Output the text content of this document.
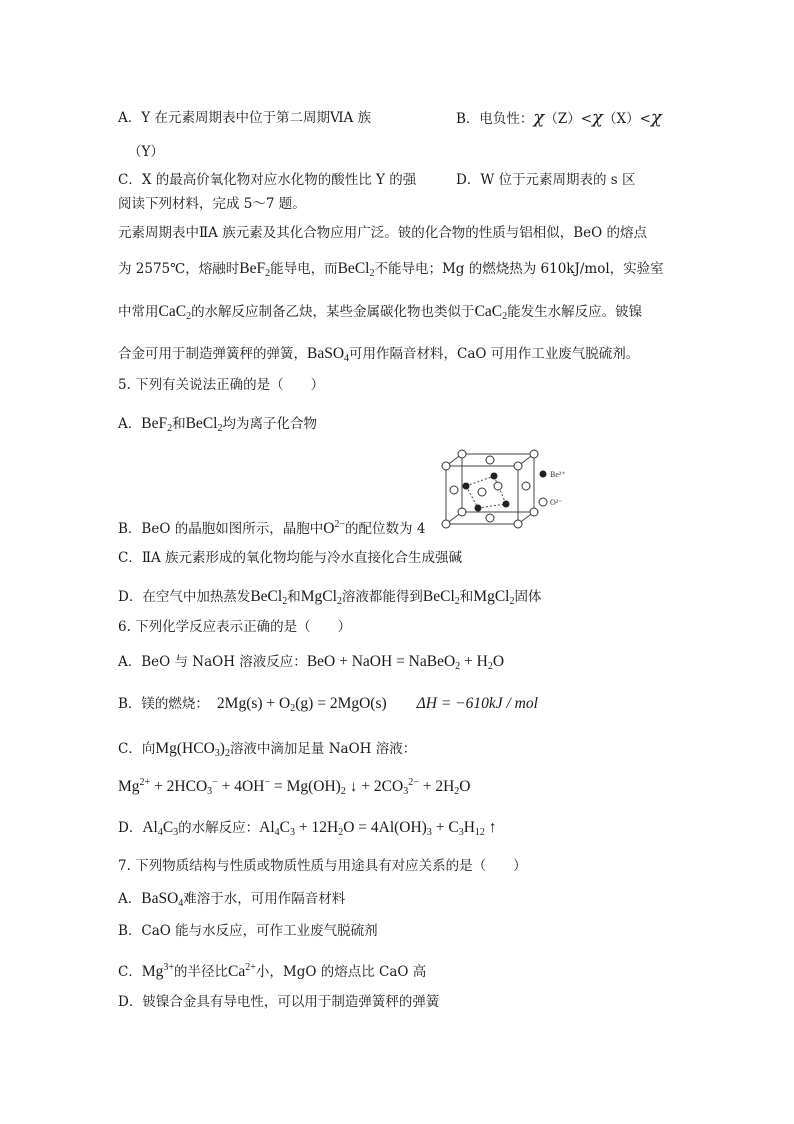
A．Y 在元素周期表中位于第二周期ⅥA 族	B．电负性：χ（Z）<χ（X）<χ
（Y）
C．X 的最高价氧化物对应水化物的酸性比 Y 的强	D．W 位于元素周期表的 s 区
阅读下列材料，完成 5～7 题。
元素周期表中ⅡA 族元素及其化合物应用广泛。铍的化合物的性质与铝相似，BeO 的熔点
为 2575℃，熔融时BeF$_2$能导电，而BeCl$_2$不能导电；Mg 的燃烧热为 610kJ/mol，实验室
中常用CaC$_2$的水解反应制备乙炔，某些金属碳化物也类似于CaC$_2$能发生水解反应。铍镍
合金可用于制造弹簧秤的弹簧，BaSO$_4$可用作隔音材料，CaO 可用作工业废气脱硫剂。
5. 下列有关说法正确的是（　　）
A．BeF$_2$和BeCl$_2$均为离子化合物
Be²⁺
O²⁻
B．BeO 的晶胞如图所示，晶胞中$O^{2-}$的配位数为 4
C．ⅡA 族元素形成的氧化物均能与冷水直接化合生成强碱
D．在空气中加热蒸发BeCl$_2$和MgCl$_2$溶液都能得到BeCl$_2$和MgCl$_2$固体
6. 下列化学反应表示正确的是（　　）
A．BeO 与 NaOH 溶液反应：BeO + NaOH = NaBeO$_2$ + $H_2O$
B．镁的燃烧： $2Mg(s) + O_2(g) = 2MgO(s) \Delta H = -610kJ$ / mol
C．向$Mg(HCO_3)_2$溶液中滴加足量 NaOH 溶液：
$Mg^{2+} + 2HCO_3^- + 4OH^- = Mg(OH)_2$ ↓ + $2CO_3^{2-} + 2H_2O$
D．$Al_4C_3$的水解反应：$Al_4C_3 + 12H_2O = 4Al(OH)_3 + C_3H_{12}$ ↑
7. 下列物质结构与性质或物质性质与用途具有对应关系的是（　　）
A．BaSO$_4$难溶于水，可用作隔音材料
B．CaO 能与水反应，可作工业废气脱硫剂
C．$Mg^{3+}$的半径比$Ca^{2+}$小，MgO 的熔点比 CaO 高
D．铍镍合金具有导电性，可以用于制造弹簧秤的弹簧
